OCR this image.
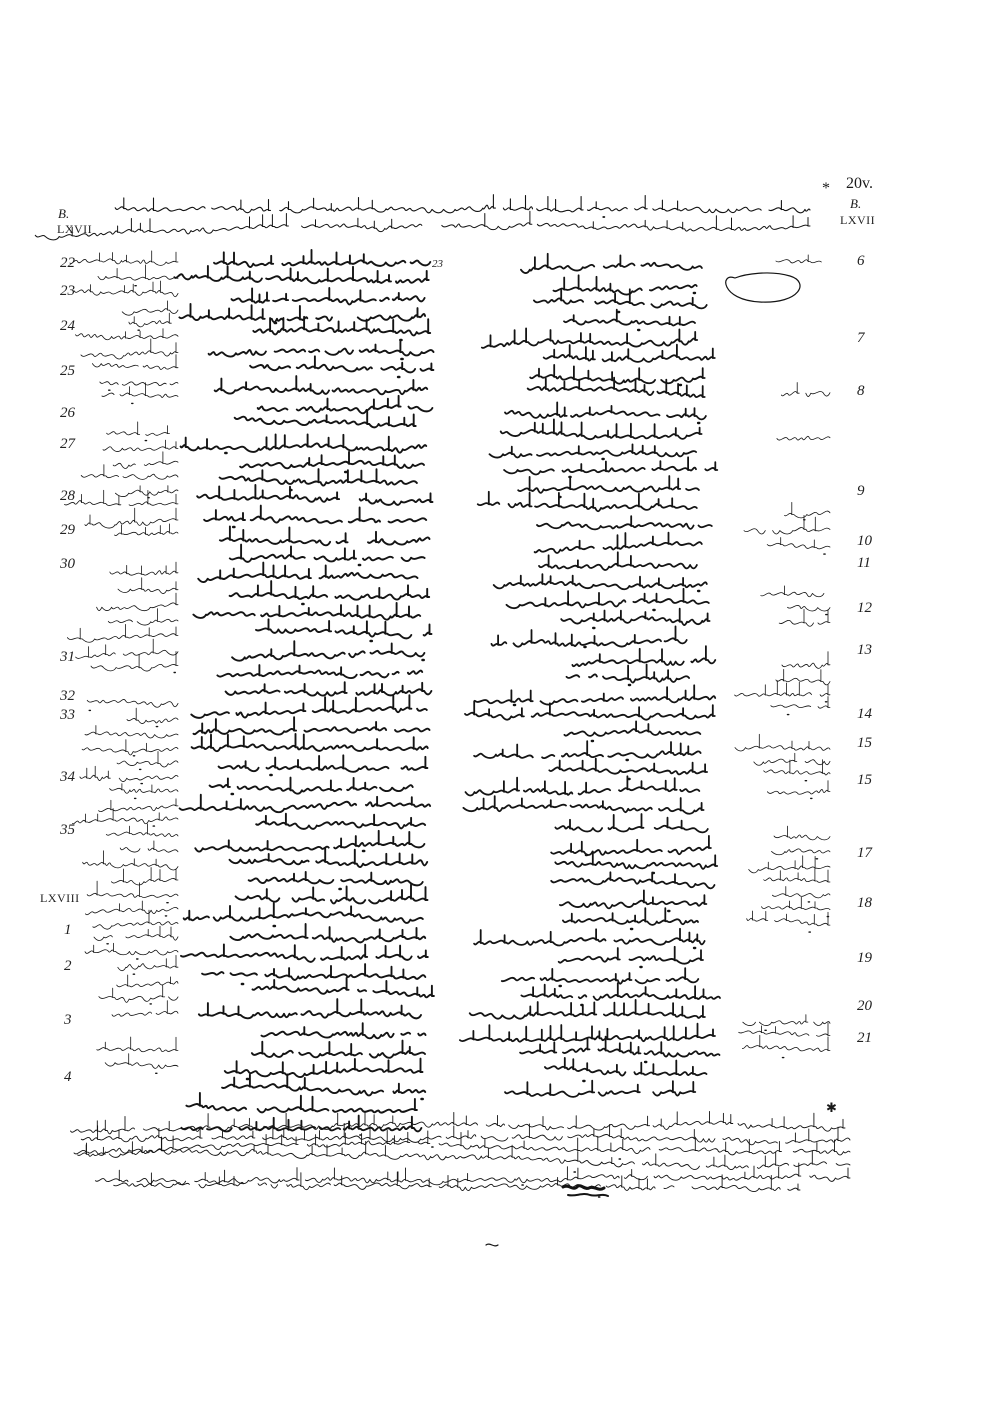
20v.
*
B.
LXVII
B.
LXVII
LXVIII
✱
22
23
24
25
26
27
28
29
30
31
32
33
34
35
1
2
3
4
23	6
7
8
9
10
11
12
13
14
15
15
17
18
19
20
21
